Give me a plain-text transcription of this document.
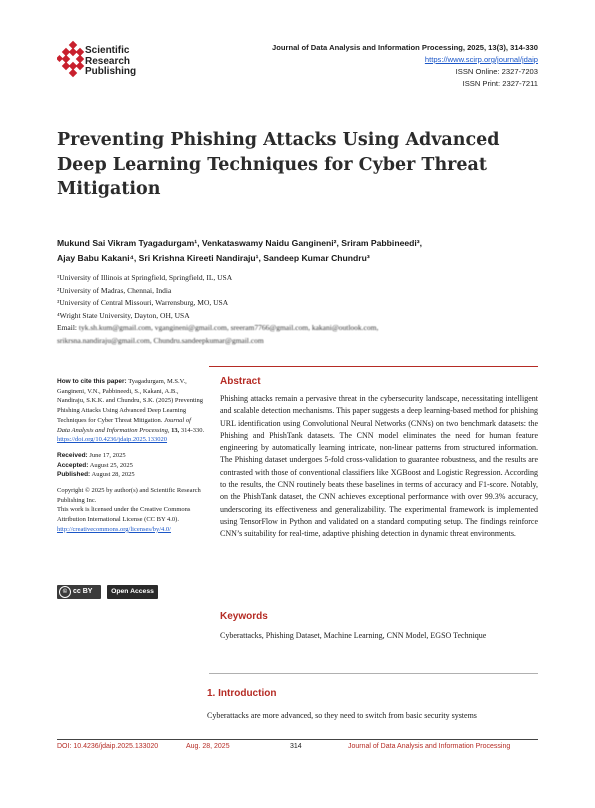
Scientific
Research
Publishing
Journal of Data Analysis and Information Processing, 2025, 13(3), 314-330
https://www.scirp.org/journal/jdaip
ISSN Online: 2327-7203
ISSN Print: 2327-7211
Preventing Phishing Attacks Using Advanced Deep Learning Techniques for Cyber Threat Mitigation
Mukund Sai Vikram Tyagadurgam¹, Venkataswamy Naidu Gangineni², Sriram Pabbineedi³,
Ajay Babu Kakani⁴, Sri Krishna Kireeti Nandiraju¹, Sandeep Kumar Chundru³
¹University of Illinois at Springfield, Springfield, IL, USA
²University of Madras, Chennai, India
³University of Central Missouri, Warrensburg, MO, USA
⁴Wright State University, Dayton, OH, USA
Email: tyk.sh.kum@gmail.com, vgangineni@gmail.com, sreeram7766@gmail.com, kakani@outlook.com,
srikrsna.nandiraju@gmail.com, Chundru.sandeepkumar@gmail.com
How to cite this paper: Tyagadurgam, M.S.V., Gangineni, V.N., Pabbineedi, S., Kakani, A.B., Nandiraju, S.K.K. and Chundru, S.K. (2025) Preventing Phishing Attacks Using Advanced Deep Learning Techniques for Cyber Threat Mitigation. Journal of Data Analysis and Information Processing, 13, 314-330. https://doi.org/10.4236/jdaip.2025.133020
Received: June 17, 2025
Accepted: August 25, 2025
Published: August 28, 2025
Copyright © 2025 by author(s) and Scientific Research Publishing Inc.
This work is licensed under the Creative Commons Attribution International License (CC BY 4.0).
http://creativecommons.org/licenses/by/4.0/
© cc BY	Open Access
Abstract
Phishing attacks remain a pervasive threat in the cybersecurity landscape, necessitating intelligent and scalable detection mechanisms. This paper suggests a deep learning-based method for phishing URL identification using Convolutional Neural Networks (CNNs) on two benchmark datasets: the Phishing and PhishTank datasets. The CNN model eliminates the need for human feature engineering by automatically learning intricate, non-linear patterns from structured information. The Phishing dataset undergoes 5-fold cross-validation to guarantee robustness, and the results are contrasted with those of conventional classifiers like XGBoost and Logistic Regression. According to the results, the CNN routinely beats these baselines in terms of accuracy and F1-score. Notably, on the PhishTank dataset, the CNN achieves exceptional performance with over 99.3% accuracy, underscoring its effectiveness and generalizability. The experimental framework is implemented using TensorFlow in Python and validated on a standard computing setup. The findings reinforce CNN’s suitability for real-time, adaptive phishing detection in dynamic threat environments.
Keywords
Cyberattacks, Phishing Dataset, Machine Learning, CNN Model, EGSO Technique
1. Introduction
Cyberattacks are more advanced, so they need to switch from basic security systems
DOI: 10.4236/jdaip.2025.133020	Aug. 28, 2025	314	Journal of Data Analysis and Information Processing
